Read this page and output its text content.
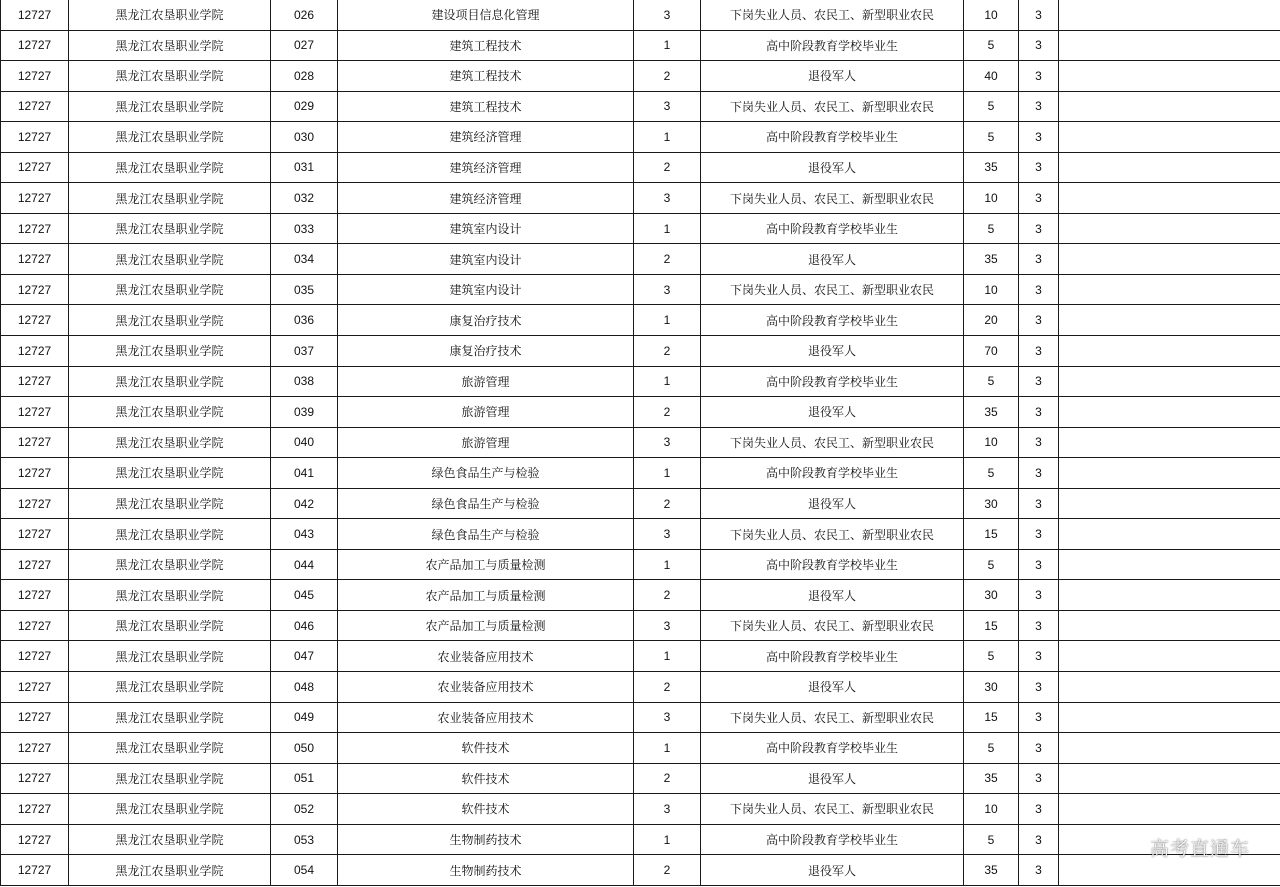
12727	黑龙江农垦职业学院	026	建设项目信息化管理	3	下岗失业人员、农民工、新型职业农民	10	3	
12727	黑龙江农垦职业学院	027	建筑工程技术	1	高中阶段教育学校毕业生	5	3	
12727	黑龙江农垦职业学院	028	建筑工程技术	2	退役军人	40	3	
12727	黑龙江农垦职业学院	029	建筑工程技术	3	下岗失业人员、农民工、新型职业农民	5	3	
12727	黑龙江农垦职业学院	030	建筑经济管理	1	高中阶段教育学校毕业生	5	3	
12727	黑龙江农垦职业学院	031	建筑经济管理	2	退役军人	35	3	
12727	黑龙江农垦职业学院	032	建筑经济管理	3	下岗失业人员、农民工、新型职业农民	10	3	
12727	黑龙江农垦职业学院	033	建筑室内设计	1	高中阶段教育学校毕业生	5	3	
12727	黑龙江农垦职业学院	034	建筑室内设计	2	退役军人	35	3	
12727	黑龙江农垦职业学院	035	建筑室内设计	3	下岗失业人员、农民工、新型职业农民	10	3	
12727	黑龙江农垦职业学院	036	康复治疗技术	1	高中阶段教育学校毕业生	20	3	
12727	黑龙江农垦职业学院	037	康复治疗技术	2	退役军人	70	3	
12727	黑龙江农垦职业学院	038	旅游管理	1	高中阶段教育学校毕业生	5	3	
12727	黑龙江农垦职业学院	039	旅游管理	2	退役军人	35	3	
12727	黑龙江农垦职业学院	040	旅游管理	3	下岗失业人员、农民工、新型职业农民	10	3	
12727	黑龙江农垦职业学院	041	绿色食品生产与检验	1	高中阶段教育学校毕业生	5	3	
12727	黑龙江农垦职业学院	042	绿色食品生产与检验	2	退役军人	30	3	
12727	黑龙江农垦职业学院	043	绿色食品生产与检验	3	下岗失业人员、农民工、新型职业农民	15	3	
12727	黑龙江农垦职业学院	044	农产品加工与质量检测	1	高中阶段教育学校毕业生	5	3	
12727	黑龙江农垦职业学院	045	农产品加工与质量检测	2	退役军人	30	3	
12727	黑龙江农垦职业学院	046	农产品加工与质量检测	3	下岗失业人员、农民工、新型职业农民	15	3	
12727	黑龙江农垦职业学院	047	农业装备应用技术	1	高中阶段教育学校毕业生	5	3	
12727	黑龙江农垦职业学院	048	农业装备应用技术	2	退役军人	30	3	
12727	黑龙江农垦职业学院	049	农业装备应用技术	3	下岗失业人员、农民工、新型职业农民	15	3	
12727	黑龙江农垦职业学院	050	软件技术	1	高中阶段教育学校毕业生	5	3	
12727	黑龙江农垦职业学院	051	软件技术	2	退役军人	35	3	
12727	黑龙江农垦职业学院	052	软件技术	3	下岗失业人员、农民工、新型职业农民	10	3	
12727	黑龙江农垦职业学院	053	生物制药技术	1	高中阶段教育学校毕业生	5	3	
12727	黑龙江农垦职业学院	054	生物制药技术	2	退役军人	35	3	
高考直通车
